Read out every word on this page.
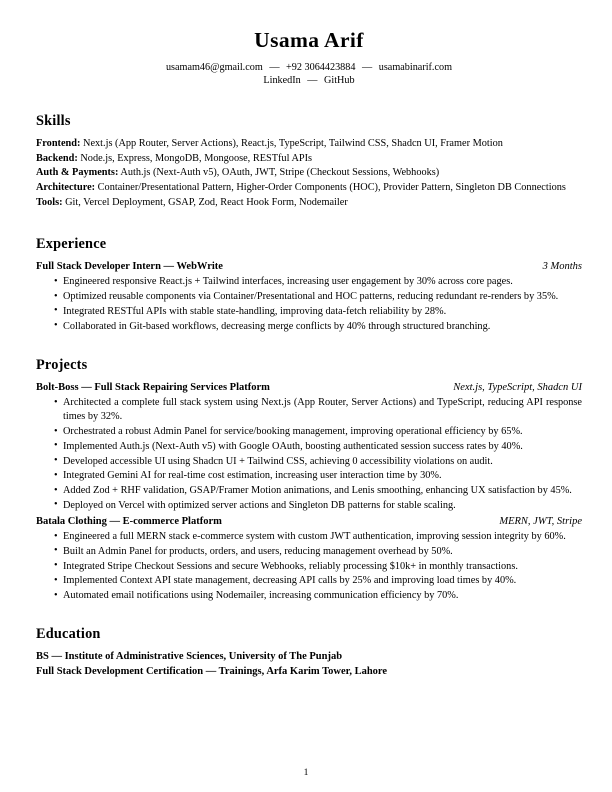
Usama Arif
usamam46@gmail.com — +92 3064423884 — usamabinarif.com
LinkedIn — GitHub
Skills

Frontend: Next.js (App Router, Server Actions), React.js, TypeScript, Tailwind CSS, Shadcn UI, Framer Motion

Backend: Node.js, Express, MongoDB, Mongoose, RESTful APIs

Auth & Payments: Auth.js (Next-Auth v5), OAuth, JWT, Stripe (Checkout Sessions, Webhooks)

Architecture: Container/Presentational Pattern, Higher-Order Components (HOC), Provider Pattern, Singleton DB Connections

Tools: Git, Vercel Deployment, GSAP, Zod, React Hook Form, Nodemailer

Experience
Full Stack Developer Intern — WebWrite	3 Months
• Engineered responsive React.js + Tailwind interfaces, increasing user engagement by 30% across core pages.
• Optimized reusable components via Container/Presentational and HOC patterns, reducing redundant re-renders by 35%.
• Integrated RESTful APIs with stable state-handling, improving data-fetch reliability by 28%.
• Collaborated in Git-based workflows, decreasing merge conflicts by 40% through structured branching.
Projects
Bolt-Boss — Full Stack Repairing Services Platform	Next.js, TypeScript, Shadcn UI
• Architected a complete full stack system using Next.js (App Router, Server Actions) and TypeScript, reducing API response times by 32%.
• Orchestrated a robust Admin Panel for service/booking management, improving operational efficiency by 65%.
• Implemented Auth.js (Next-Auth v5) with Google OAuth, boosting authenticated session success rates by 40%.
• Developed accessible UI using Shadcn UI + Tailwind CSS, achieving 0 accessibility violations on audit.
• Integrated Gemini AI for real-time cost estimation, increasing user interaction time by 30%.
• Added Zod + RHF validation, GSAP/Framer Motion animations, and Lenis smoothing, enhancing UX satisfaction by 45%.
• Deployed on Vercel with optimized server actions and Singleton DB patterns for stable scaling.
Batala Clothing — E-commerce Platform	MERN, JWT, Stripe
• Engineered a full MERN stack e-commerce system with custom JWT authentication, improving session integrity by 60%.
• Built an Admin Panel for products, orders, and users, reducing management overhead by 50%.
• Integrated Stripe Checkout Sessions and secure Webhooks, reliably processing $10k+ in monthly transactions.
• Implemented Context API state management, decreasing API calls by 25% and improving load times by 40%.
• Automated email notifications using Nodemailer, increasing communication efficiency by 70%.
Education

BS — Institute of Administrative Sciences, University of The Punjab

Full Stack Development Certification — Trainings, Arfa Karim Tower, Lahore

1
